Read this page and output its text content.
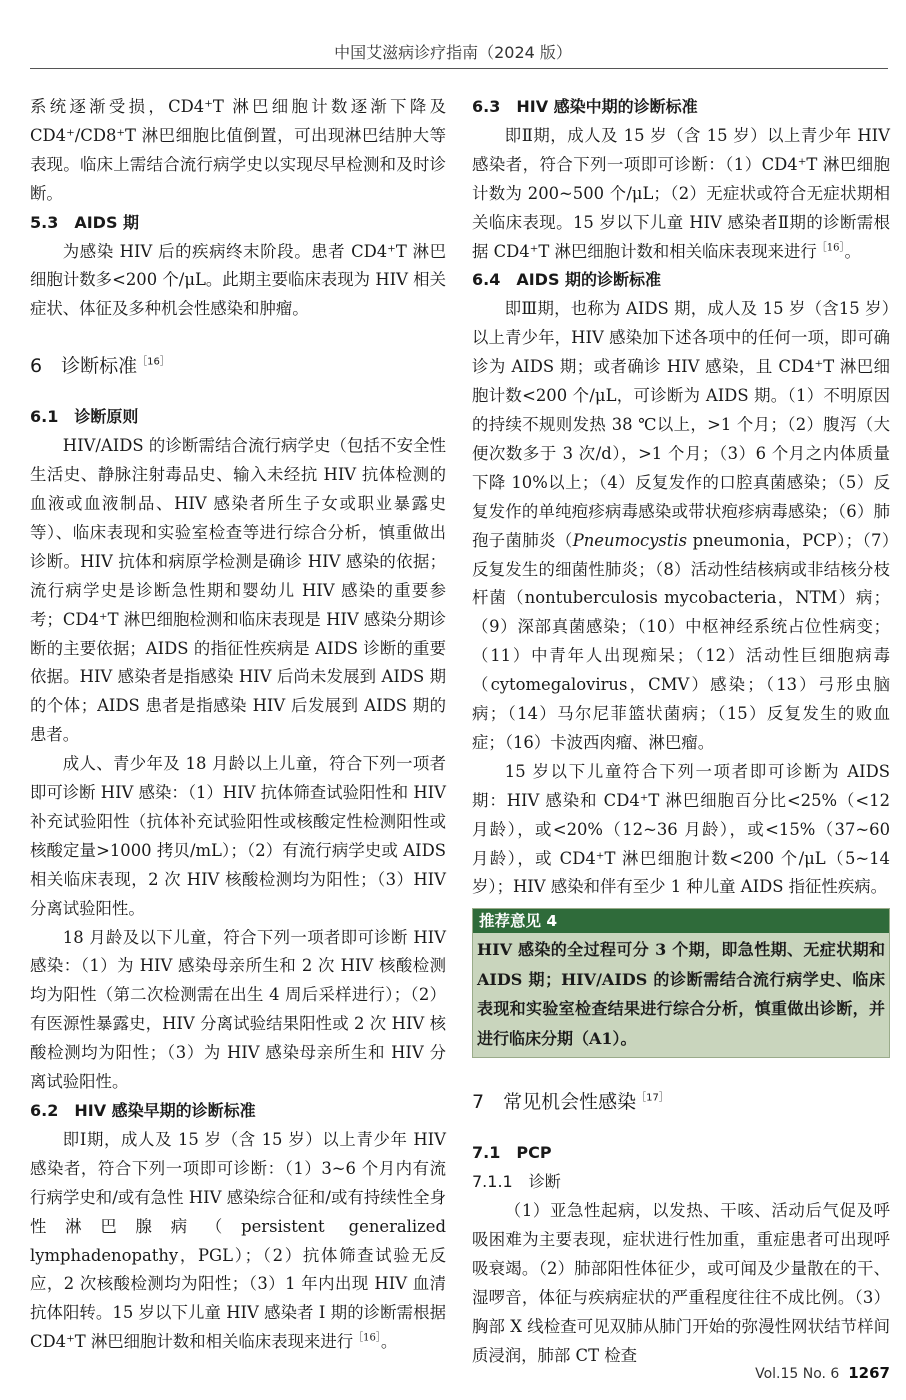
中国艾滋病诊疗指南（2024 版）

系统逐渐受损，CD4⁺T 淋巴细胞计数逐渐下降及 CD4⁺/CD8⁺T 淋巴细胞比值倒置，可出现淋巴结肿大等表现。临床上需结合流行病学史以实现尽早检测和及时诊断。

5.3　AIDS 期

为感染 HIV 后的疾病终末阶段。患者 CD4⁺T 淋巴细胞计数多<200 个/μL。此期主要临床表现为 HIV 相关症状、体征及多种机会性感染和肿瘤。

6　诊断标准$^{[16]}$
6.1　诊断原则

HIV/AIDS 的诊断需结合流行病学史（包括不安全性生活史、静脉注射毒品史、输入未经抗 HIV 抗体检测的血液或血液制品、HIV 感染者所生子女或职业暴露史等）、临床表现和实验室检查等进行综合分析，慎重做出诊断。HIV 抗体和病原学检测是确诊 HIV 感染的依据；流行病学史是诊断急性期和婴幼儿 HIV 感染的重要参考；CD4⁺T 淋巴细胞检测和临床表现是 HIV 感染分期诊断的主要依据；AIDS 的指征性疾病是 AIDS 诊断的重要依据。HIV 感染者是指感染 HIV 后尚未发展到 AIDS 期的个体；AIDS 患者是指感染 HIV 后发展到 AIDS 期的患者。

成人、青少年及 18 月龄以上儿童，符合下列一项者即可诊断 HIV 感染：（1）HIV 抗体筛查试验阳性和 HIV 补充试验阳性（抗体补充试验阳性或核酸定性检测阳性或核酸定量>1000 拷贝/mL）；（2）有流行病学史或 AIDS 相关临床表现，2 次 HIV 核酸检测均为阳性；（3）HIV 分离试验阳性。

18 月龄及以下儿童，符合下列一项者即可诊断 HIV 感染：（1）为 HIV 感染母亲所生和 2 次 HIV 核酸检测均为阳性（第二次检测需在出生 4 周后采样进行）；（2）有医源性暴露史，HIV 分离试验结果阳性或 2 次 HIV 核酸检测均为阳性；（3）为 HIV 感染母亲所生和 HIV 分离试验阳性。

6.2　HIV 感染早期的诊断标准

即Ⅰ期，成人及 15 岁（含 15 岁）以上青少年 HIV 感染者，符合下列一项即可诊断：（1）3~6 个月内有流行病学史和/或有急性 HIV 感染综合征和/或有持续性全身性淋巴腺病（persistent generalized lymphadenopathy，PGL）；（2）抗体筛查试验无反应，2 次核酸检测均为阳性；（3）1 年内出现 HIV 血清抗体阳转。15 岁以下儿童 HIV 感染者 Ⅰ 期的诊断需根据 CD4⁺T 淋巴细胞计数和相关临床表现来进行$^{[16]}$。

6.3　HIV 感染中期的诊断标准

即Ⅱ期，成人及 15 岁（含 15 岁）以上青少年 HIV 感染者，符合下列一项即可诊断：（1）CD4⁺T 淋巴细胞计数为 200~500 个/μL；（2）无症状或符合无症状期相关临床表现。15 岁以下儿童 HIV 感染者Ⅱ期的诊断需根据 CD4⁺T 淋巴细胞计数和相关临床表现来进行$^{[16]}$。

6.4　AIDS 期的诊断标准

即Ⅲ期，也称为 AIDS 期，成人及 15 岁（含15 岁）以上青少年，HIV 感染加下述各项中的任何一项，即可确诊为 AIDS 期；或者确诊 HIV 感染，且 CD4⁺T 淋巴细胞计数<200 个/μL，可诊断为 AIDS 期。（1）不明原因的持续不规则发热 38 ℃以上，>1 个月；（2）腹泻（大便次数多于 3 次/d），>1 个月；（3）6 个月之内体质量下降 10%以上；（4）反复发作的口腔真菌感染；（5）反复发作的单纯疱疹病毒感染或带状疱疹病毒感染；（6）肺孢子菌肺炎（Pneumocystis pneumonia，PCP）；（7）反复发生的细菌性肺炎；（8）活动性结核病或非结核分枝杆菌（nontuberculosis mycobacteria，NTM）病；（9）深部真菌感染；（10）中枢神经系统占位性病变；（11）中青年人出现痴呆；（12）活动性巨细胞病毒（cytomegalovirus，CMV）感染；（13）弓形虫脑病；（14）马尔尼菲篮状菌病；（15）反复发生的败血症；（16）卡波西肉瘤、淋巴瘤。

15 岁以下儿童符合下列一项者即可诊断为 AIDS 期：HIV 感染和 CD4⁺T 淋巴细胞百分比<25%（<12 月龄），或<20%（12~36 月龄），或<15%（37~60 月龄），或 CD4⁺T 淋巴细胞计数<200 个/μL（5~14 岁）；HIV 感染和伴有至少 1 种儿童 AIDS 指征性疾病。

推荐意见 4
HIV 感染的全过程可分 3 个期，即急性期、无症状期和 AIDS 期；HIV/AIDS 的诊断需结合流行病学史、临床表现和实验室检查结果进行综合分析，慎重做出诊断，并进行临床分期（A1）。
7　常见机会性感染$^{[17]}$
7.1　PCP
7.1.1　诊断

（1）亚急性起病，以发热、干咳、活动后气促及呼吸困难为主要表现，症状进行性加重，重症患者可出现呼吸衰竭。（2）肺部阳性体征少，或可闻及少量散在的干、湿啰音，体征与疾病症状的严重程度往往不成比例。（3）胸部 X 线检查可见双肺从肺门开始的弥漫性网状结节样间质浸润，肺部 CT 检查

Vol.15 No. 6 1267
